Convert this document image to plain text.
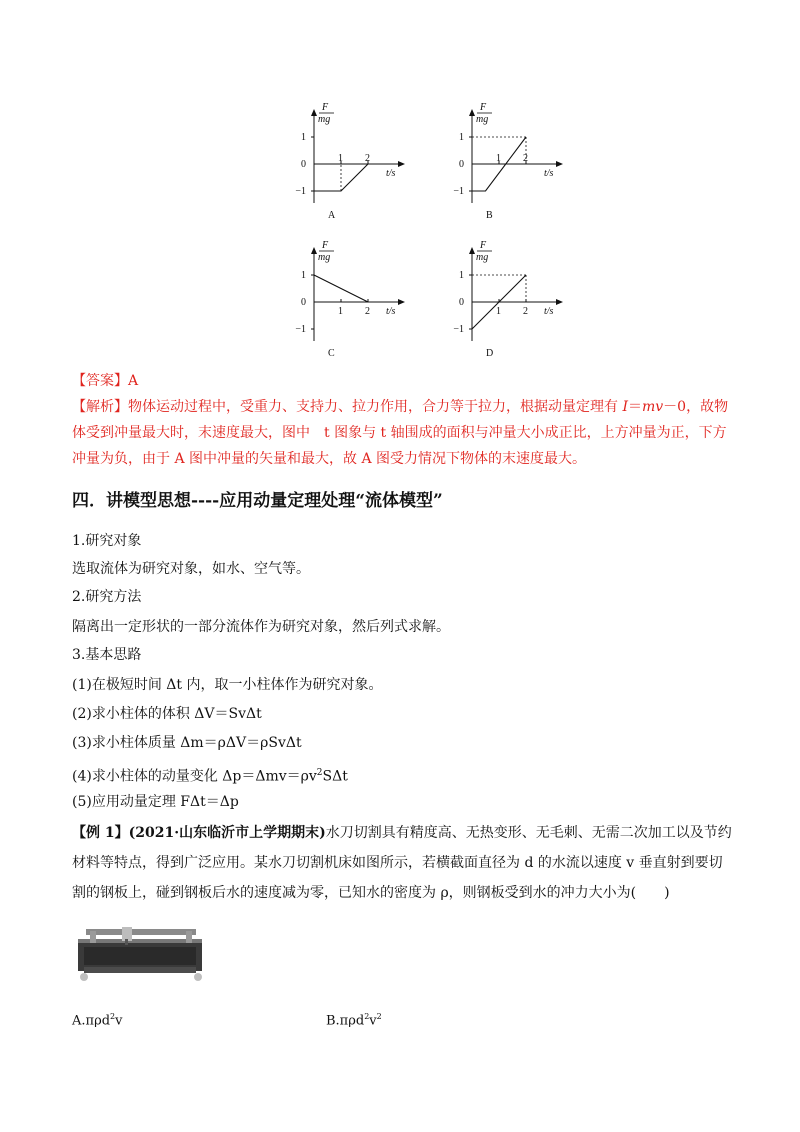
F
mg
1
0
−1
1 2
t/s
A
F
mg
1
0
−1
1 2
t/s
B
F
mg
1
0
−1
1 2 t/s
C
F
mg
1
0
−1
1 2 t/s
D
【答案】A
【解析】物体运动过程中，受重力、支持力、拉力作用，合力等于拉力，根据动量定理有 I＝mv－0，故物
体受到冲量最大时，末速度最大，图中　t 图象与 t 轴围成的面积与冲量大小成正比，上方冲量为正，下方
冲量为负，由于 A 图中冲量的矢量和最大，故 A 图受力情况下物体的末速度最大。
四．讲模型思想----应用动量定理处理“流体模型”
1.研究对象
选取流体为研究对象，如水、空气等。
2.研究方法
隔离出一定形状的一部分流体作为研究对象，然后列式求解。
3.基本思路
(1)在极短时间 Δt 内，取一小柱体作为研究对象。
(2)求小柱体的体积 ΔV＝SvΔt
(3)求小柱体质量 Δm＝ρΔV＝ρSvΔt
(4)求小柱体的动量变化 $\Delta p=\Delta mv=\rho v^2S\Delta t$
(5)应用动量定理 FΔt＝Δp
【例 1】(2021·山东临沂市上学期期末)水刀切割具有精度高、无热变形、无毛刺、无需二次加工以及节约
材料等特点，得到广泛应用。某水刀切割机床如图所示，若横截面直径为 d 的水流以速度 v 垂直射到要切
割的钢板上，碰到钢板后水的速度减为零，已知水的密度为 ρ，则钢板受到水的冲力大小为(　　)
A.πρd$^2$v	$B.\pi\rho d^2v^2$
